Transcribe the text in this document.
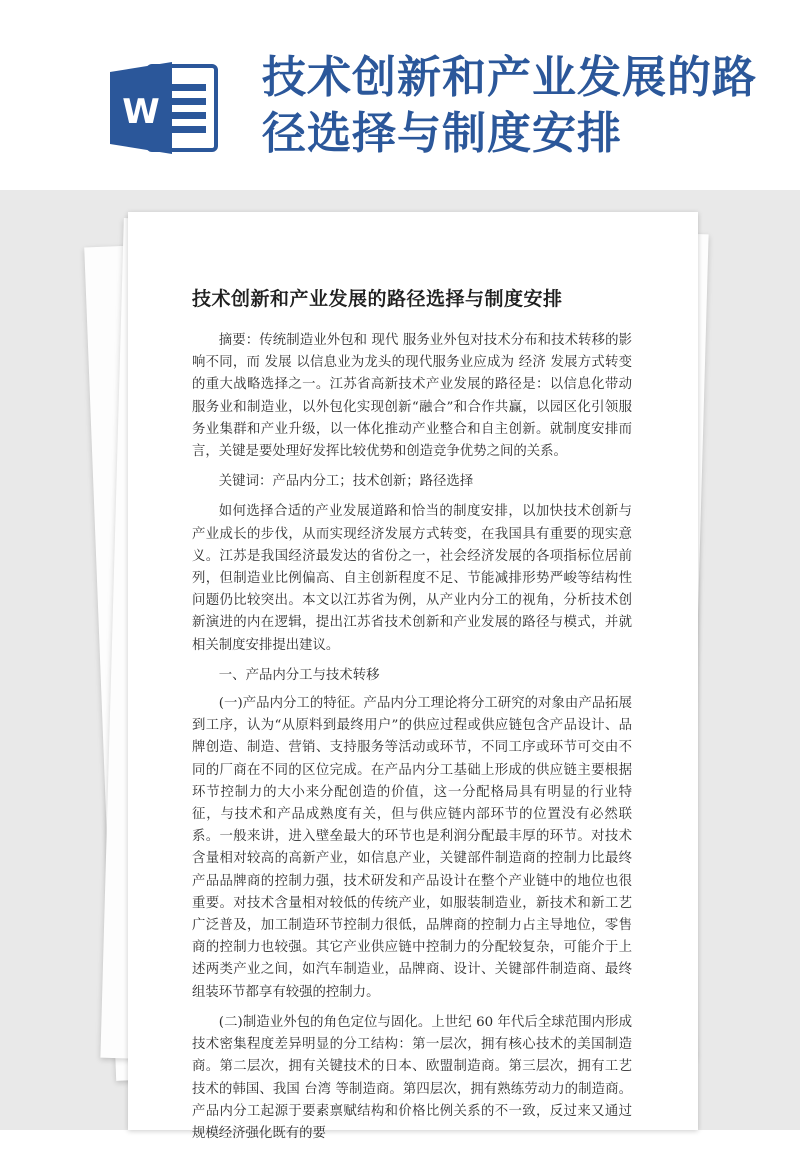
W
技术创新和产业发展的路径选择与制度安排
技术创新和产业发展的路径选择与制度安排

摘要：传统制造业外包和 现代 服务业外包对技术分布和技术转移的影响不同，而 发展 以信息业为龙头的现代服务业应成为 经济 发展方式转变的重大战略选择之一。江苏省高新技术产业发展的路径是：以信息化带动服务业和制造业，以外包化实现创新“融合”和合作共赢，以园区化引领服务业集群和产业升级，以一体化推动产业整合和自主创新。就制度安排而言，关键是要处理好发挥比较优势和创造竞争优势之间的关系。

关键词：产品内分工；技术创新；路径选择

如何选择合适的产业发展道路和恰当的制度安排，以加快技术创新与产业成长的步伐，从而实现经济发展方式转变，在我国具有重要的现实意义。江苏是我国经济最发达的省份之一，社会经济发展的各项指标位居前列，但制造业比例偏高、自主创新程度不足、节能减排形势严峻等结构性问题仍比较突出。本文以江苏省为例，从产业内分工的视角，分析技术创新演进的内在逻辑，提出江苏省技术创新和产业发展的路径与模式，并就相关制度安排提出建议。

一、产品内分工与技术转移

(一)产品内分工的特征。产品内分工理论将分工研究的对象由产品拓展到工序，认为“从原料到最终用户”的供应过程或供应链包含产品设计、品牌创造、制造、营销、支持服务等活动或环节，不同工序或环节可交由不同的厂商在不同的区位完成。在产品内分工基础上形成的供应链主要根据环节控制力的大小来分配创造的价值，这一分配格局具有明显的行业特征，与技术和产品成熟度有关，但与供应链内部环节的位置没有必然联系。一般来讲，进入壁垒最大的环节也是利润分配最丰厚的环节。对技术含量相对较高的高新产业，如信息产业，关键部件制造商的控制力比最终产品品牌商的控制力强，技术研发和产品设计在整个产业链中的地位也很重要。对技术含量相对较低的传统产业，如服装制造业，新技术和新工艺广泛普及，加工制造环节控制力很低，品牌商的控制力占主导地位，零售商的控制力也较强。其它产业供应链中控制力的分配较复杂，可能介于上述两类产业之间，如汽车制造业，品牌商、设计、关键部件制造商、最终组装环节都享有较强的控制力。

(二)制造业外包的角色定位与固化。上世纪 60 年代后全球范围内形成技术密集程度差异明显的分工结构：第一层次，拥有核心技术的美国制造商。第二层次，拥有关键技术的日本、欧盟制造商。第三层次，拥有工艺技术的韩国、我国 台湾 等制造商。第四层次，拥有熟练劳动力的制造商。产品内分工起源于要素禀赋结构和价格比例关系的不一致，反过来又通过规模经济强化既有的要
